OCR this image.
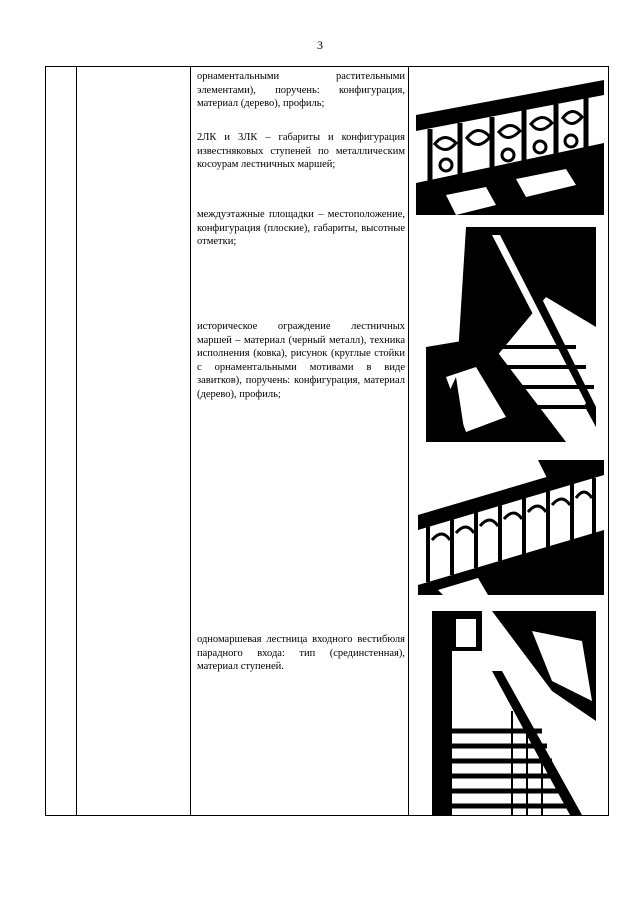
3
орнаментальными растительными элементами), поручень: конфигурация, материал (дерево), профиль;
2ЛК и 3ЛК – габариты и конфигурация известняковых ступеней по металлическим косоурам лестничных маршей;
междуэтажные площадки – местоположение, конфигурация (плоские), габариты, высотные отметки;
историческое ограждение лестничных маршей – материал (черный металл), техника исполнения (ковка), рисунок (круглые стойки с орнаментальными мотивами в виде завитков), поручень: конфигурация, материал (дерево), профиль;
одномаршевая лестница входного вестибюля парадного входа: тип (срединстенная), материал ступеней.
